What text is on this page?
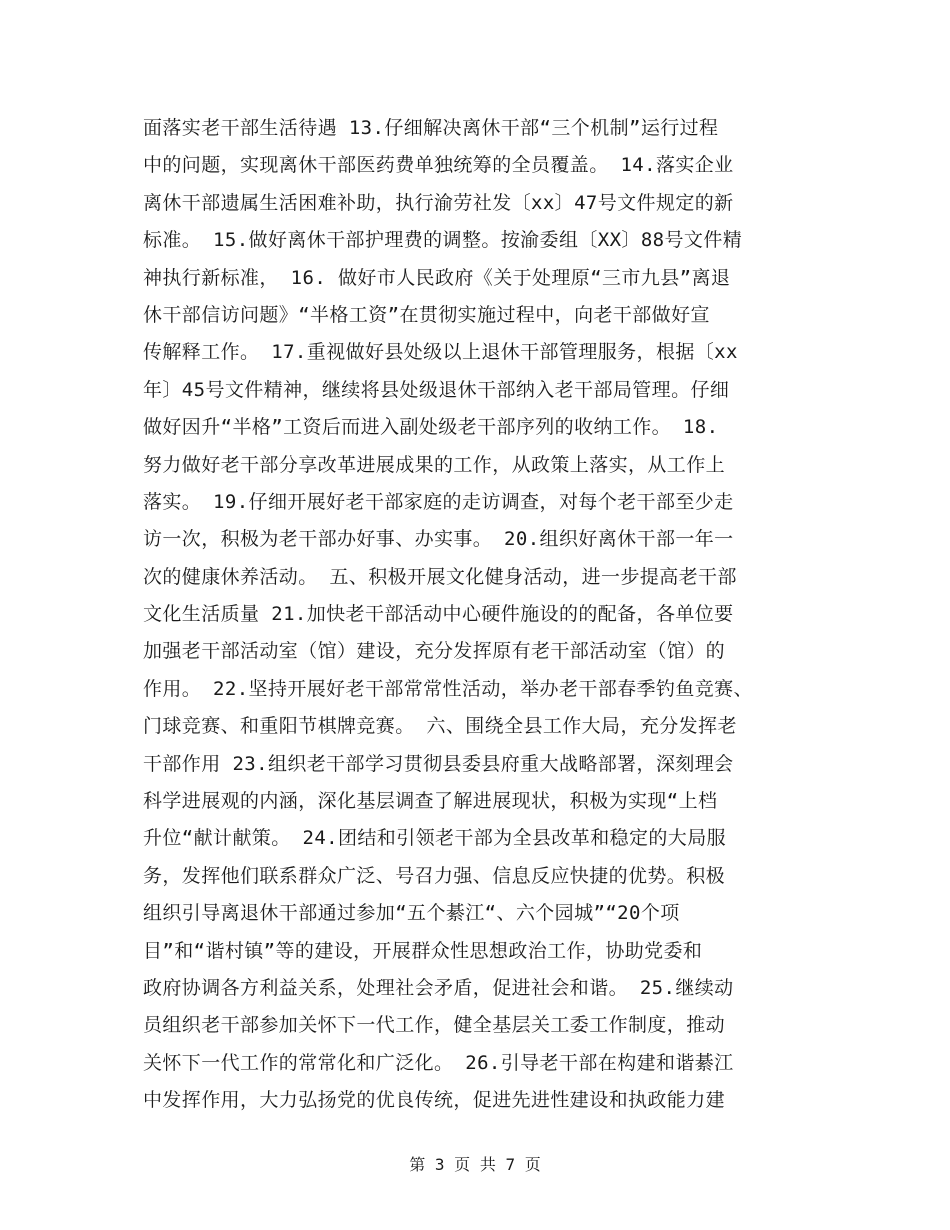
面落实老干部生活待遇 13.仔细解决离休干部“三个机制”运行过程
中的问题，实现离休干部医药费单独统筹的全员覆盖。 14.落实企业
离休干部遗属生活困难补助，执行渝劳社发〔xx〕47号文件规定的新
标准。 15.做好离休干部护理费的调整。按渝委组〔XX〕88号文件精
神执行新标准， 16. 做好市人民政府《关于处理原“三市九县”离退
休干部信访问题》“半格工资”在贯彻实施过程中，向老干部做好宣
传解释工作。 17.重视做好县处级以上退休干部管理服务，根据〔xx
年〕45号文件精神，继续将县处级退休干部纳入老干部局管理。仔细
做好因升“半格”工资后而进入副处级老干部序列的收纳工作。 18.
努力做好老干部分享改革进展成果的工作，从政策上落实，从工作上
落实。 19.仔细开展好老干部家庭的走访调查，对每个老干部至少走
访一次，积极为老干部办好事、办实事。 20.组织好离休干部一年一
次的健康休养活动。 五、积极开展文化健身活动，进一步提高老干部
文化生活质量 21.加快老干部活动中心硬件施设的的配备，各单位要
加强老干部活动室（馆）建设，充分发挥原有老干部活动室（馆）的
作用。 22.坚持开展好老干部常常性活动，举办老干部春季钓鱼竞赛、
门球竞赛、和重阳节棋牌竞赛。 六、围绕全县工作大局，充分发挥老
干部作用 23.组织老干部学习贯彻县委县府重大战略部署，深刻理会
科学进展观的内涵，深化基层调查了解进展现状，积极为实现“上档
升位“献计献策。 24.团结和引领老干部为全县改革和稳定的大局服
务，发挥他们联系群众广泛、号召力强、信息反应快捷的优势。积极
组织引导离退休干部通过参加“五个綦江“、六个园城”“20个项
目”和“谐村镇”等的建设，开展群众性思想政治工作，协助党委和
政府协调各方利益关系，处理社会矛盾，促进社会和谐。 25.继续动
员组织老干部参加关怀下一代工作，健全基层关工委工作制度，推动
关怀下一代工作的常常化和广泛化。 26.引导老干部在构建和谐綦江
中发挥作用，大力弘扬党的优良传统，促进先进性建设和执政能力建
第 3 页 共 7 页
